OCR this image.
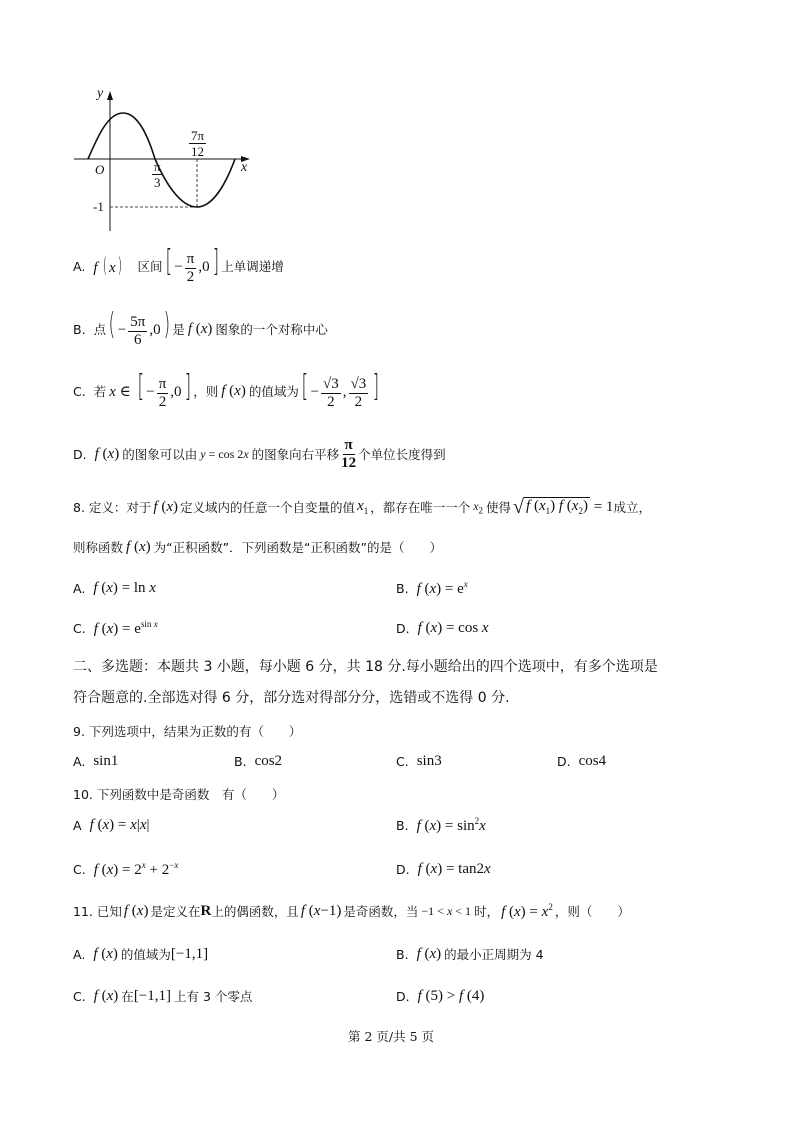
y
x
O	$\frac{\pi}{3}$
$\frac{7\pi}{12}$
-1
A. f ( x) 区间 [ − $\frac{\pi}{2} ,0$] 上单调递增
B. 点 ( − $\frac{5\pi}{6} ,0$) 是 f (x) 图象的一个对称中心
C. 若 x ∈ [ − $\frac{\pi}{2} ,0$] ，则 f (x) 的值域为 [ − $\frac{√3}{2}$ , $\frac{√3}{2}$ ]
D. f (x) 的图象可以由 y = cos 2x 的图象向右平移 $\frac{\pi}{12}$ 个单位长度得到
8. 定义：对于 f (x) 定义域内的任意一个自变量的值 $x_1$ ，都存在唯一一个 $x_2$ 使得 √ f $(x_1)$ f $(x_2) = 1$ 成立，
则称函数 f (x) 为“正积函数”．下列函数是“正积函数”的是（　　）
A. f (x) = ln x	B. f $(x) = e^x$
C. f $(x) = e^{sin x}$	D. f (x) = cos x
二、多选题：本题共 3 小题，每小题 6 分，共 18 分.每小题给出的四个选项中，有多个选项是
符合题意的.全部选对得 6 分，部分选对得部分分，选错或不选得 0 分.
9. 下列选项中，结果为正数的有（　　）
A. sin1	B. cos2	C. sin3	D. cos4
10. 下列函数中是奇函数　有（　　）
A f (x) = x|x|	B. f $(x) = \sin^2x$
C. f $(x) = 2^x + 2^{-x}$	D. f (x) = tan2x
11. 已知 f (x) 是定义在 R 上的偶函数，且 f (x−1) 是奇函数，当 −1 < x < 1 时， f $(x) = x^2$ ，则（　　）
A. f (x) 的值域为 [−1,1]	B. f (x) 的最小正周期为 4
C. f (x) 在 [−1,1] 上有 3 个零点	D. f (5) > f (4)
第 2 页/共 5 页
